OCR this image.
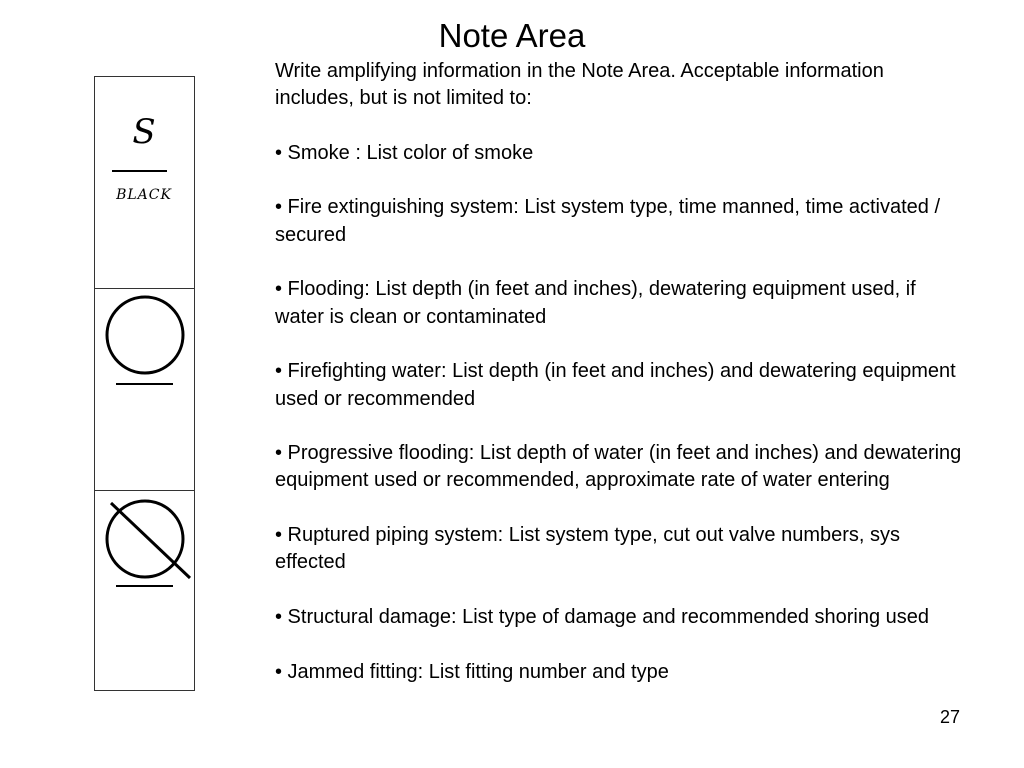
Note Area
S
BLACK

Write amplifying information in the Note Area. Acceptable information includes, but is not limited to:

• Smoke : List color of smoke

• Fire extinguishing system: List system type, time manned, time activated / secured

• Flooding: List depth (in feet and inches), dewatering equipment used, if water is clean or contaminated

• Firefighting water: List depth (in feet and inches) and dewatering equipment used or recommended

• Progressive flooding: List depth of water (in feet and inches) and dewatering equipment used or recommended, approximate rate of water entering

• Ruptured piping system: List system type, cut out valve numbers, sys effected

• Structural damage: List type of damage and recommended shoring used

• Jammed fitting: List fitting number and type

27
